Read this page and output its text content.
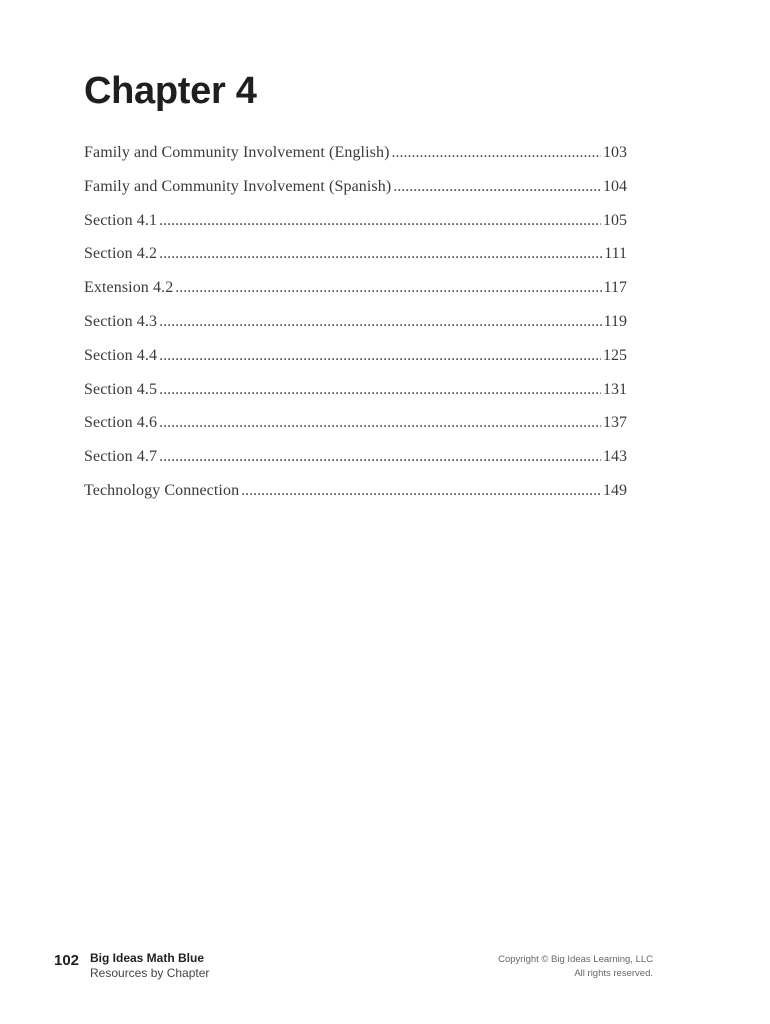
Chapter 4
Family and Community Involvement (English) .....	103
Family and Community Involvement (Spanish) .....	104
Section 4.1 .....	105
Section 4.2 .....	111
Extension 4.2 .....	117
Section 4.3 .....	119
Section 4.4 .....	125
Section 4.5 .....	131
Section 4.6 .....	137
Section 4.7 .....	143
Technology Connection .....	149
102 Big Ideas Math Blue
Resources by Chapter
Copyright © Big Ideas Learning, LLC
All rights reserved.
